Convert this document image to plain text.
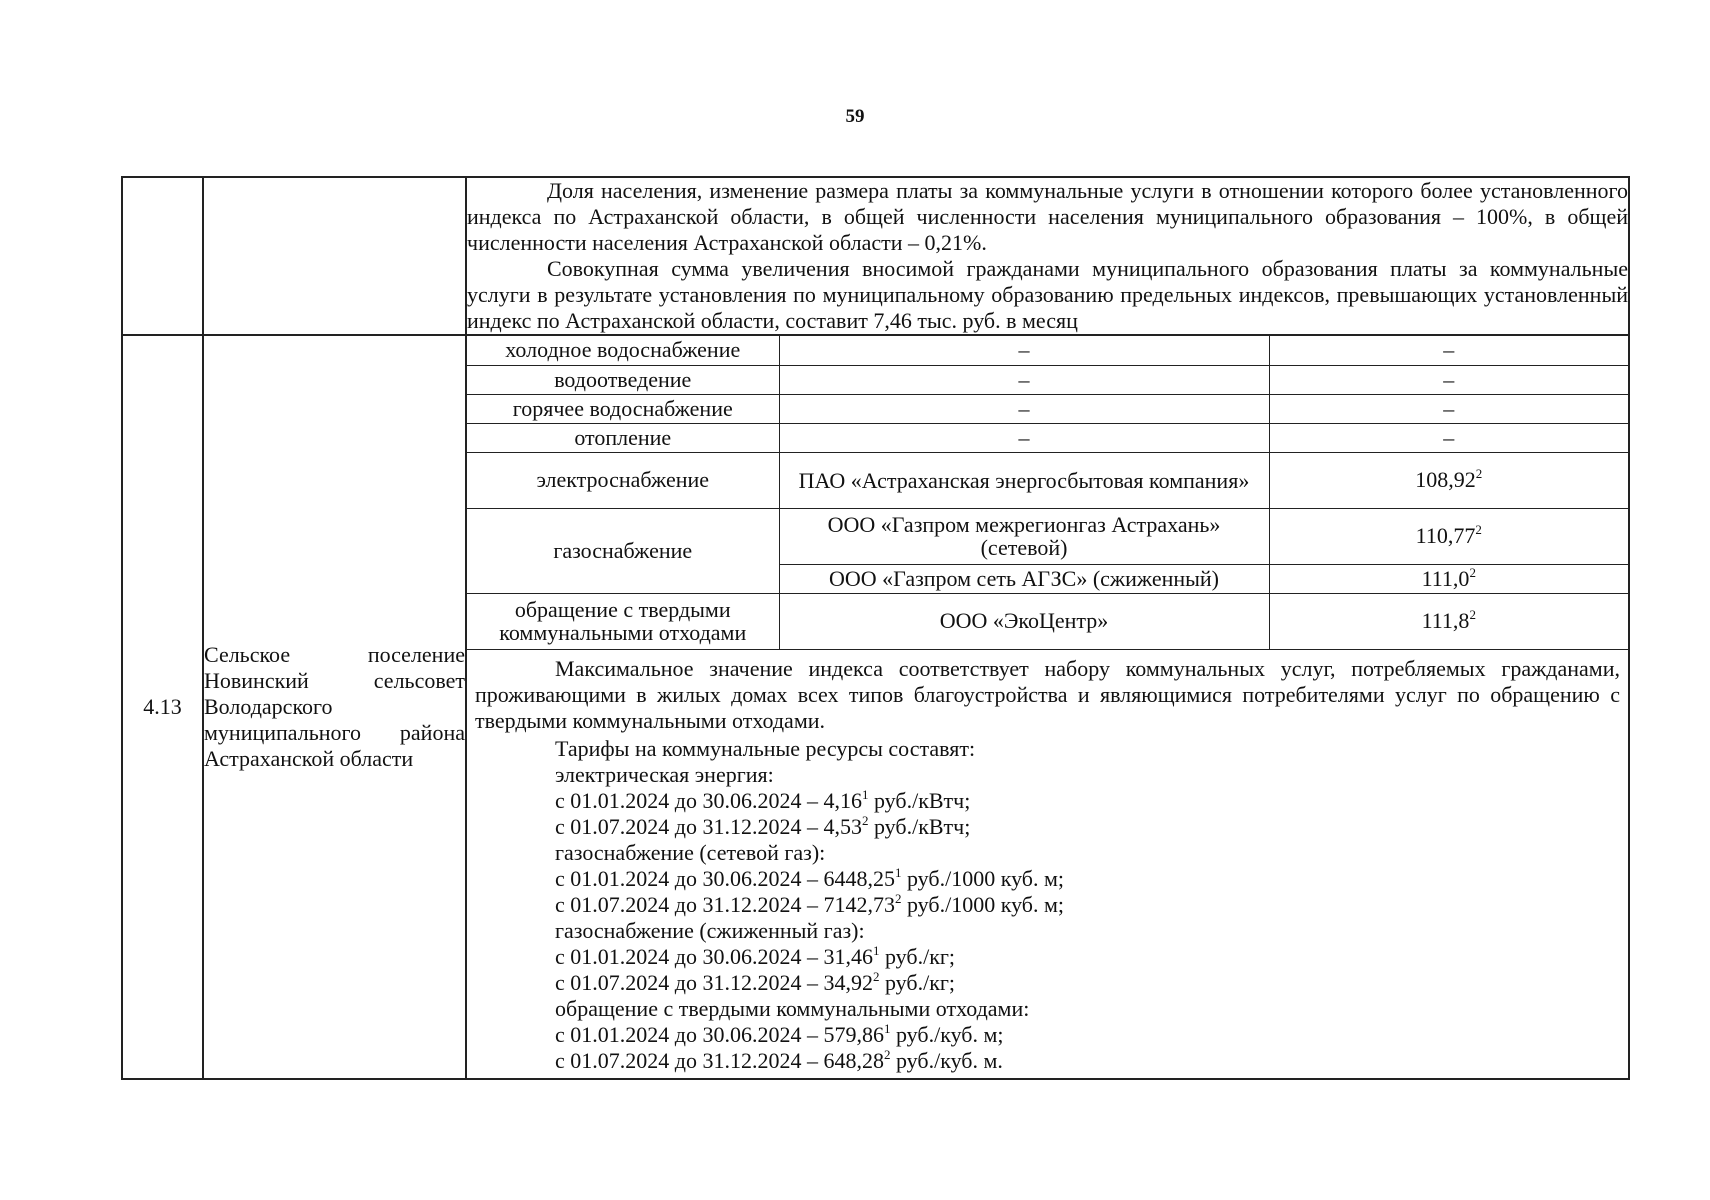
59

Доля населения, изменение размера платы за коммунальные услуги в отношении которого более установленного индекса по Астраханской области, в общей численности населения муниципального образования – 100%, в общей численности населения Астраханской области – 0,21%.

Совокупная сумма увеличения вносимой гражданами муниципального образования платы за коммунальные услуги в результате установления по муниципальному образованию предельных индексов, превышающих установленный индекс по Астраханской области, составит 7,46 тыс. руб. в месяц

4.13	Сельское поселение Новинский сельсовет Володарского муниципального района Астраханской области	
холодное водоснабжение	–	–
водоотведение	–	–
горячее водоснабжение	–	–
отопление	–	–
электроснабжение	ПАО «Астраханская энергосбытовая компания»	108,92$^2$
газоснабжение	ООО «Газпром межрегионгаз Астрахань» (сетевой)	110,77$^2$
ООО «Газпром сеть АГЗС» (сжиженный)	111,0$^2$
обращение с твердыми коммунальными отходами	ООО «ЭкоЦентр»	111,8$^2$

Максимальное значение индекса соответствует набору коммунальных услуг, потребляемых гражданами, проживающими в жилых домах всех типов благоустройства и являющимися потребителями услуг по обращению с твердыми коммунальными отходами.

Тарифы на коммунальные ресурсы составят:

электрическая энергия:

с 01.01.2024 до 30.06.2024 – 4,16$^1$ руб./кВтч;

с 01.07.2024 до 31.12.2024 – 4,53$^2$ руб./кВтч;

газоснабжение (сетевой газ):

с 01.01.2024 до 30.06.2024 – 6448,25$^1$ руб./1000 куб. м;

с 01.07.2024 до 31.12.2024 – 7142,73$^2$ руб./1000 куб. м;

газоснабжение (сжиженный газ):

с 01.01.2024 до 30.06.2024 – 31,46$^1$ руб./кг;

с 01.07.2024 до 31.12.2024 – 34,92$^2$ руб./кг;

обращение с твердыми коммунальными отходами:

с 01.01.2024 до 30.06.2024 – 579,86$^1$ руб./куб. м;

с 01.07.2024 до 31.12.2024 – 648,28$^2$ руб./куб. м.
